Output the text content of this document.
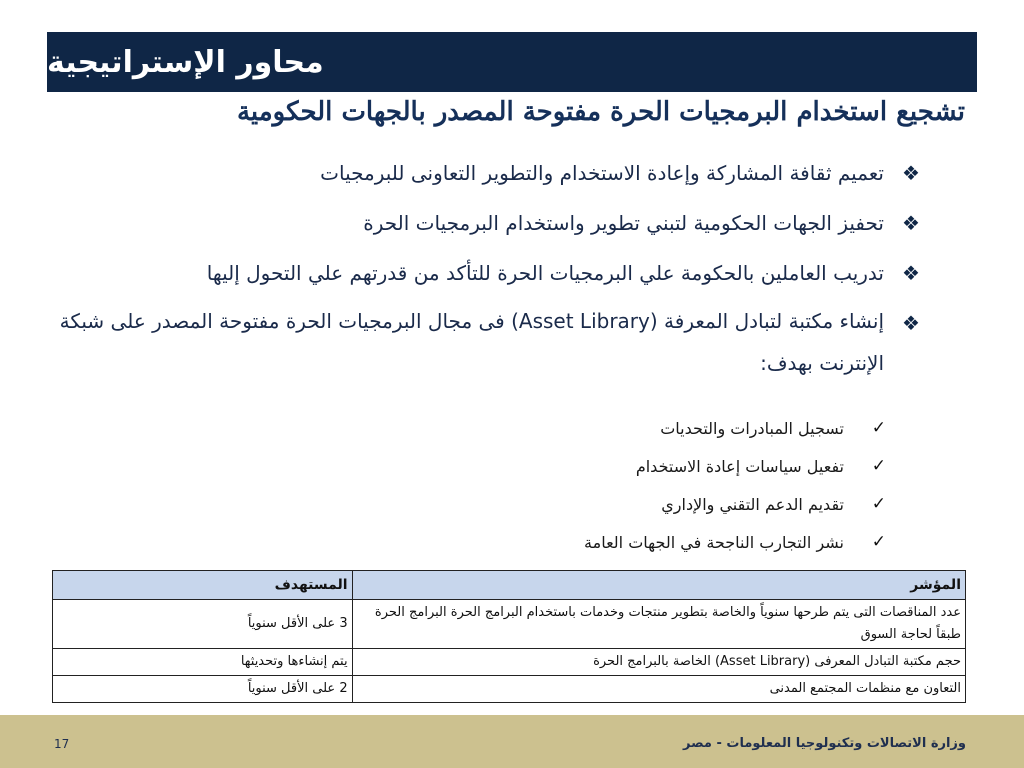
محاور الإستراتيجية
تشجيع استخدام البرمجيات الحرة مفتوحة المصدر بالجهات الحكومية
❖
تعميم ثقافة المشاركة وإعادة الاستخدام والتطوير التعاونى للبرمجيات
❖
تحفيز الجهات الحكومية لتبني تطوير واستخدام البرمجيات الحرة
❖
تدريب العاملين بالحكومة علي البرمجيات الحرة للتأكد من قدرتهم علي التحول إليها
❖
إنشاء مكتبة لتبادل المعرفة (Asset Library) فى مجال البرمجيات الحرة مفتوحة المصدر على شبكة الإنترنت بهدف:
✓
تسجيل المبادرات والتحديات
✓
تفعيل سياسات إعادة الاستخدام
✓
تقديم الدعم التقني والإداري
✓
نشر التجارب الناجحة في الجهات العامة
المؤشر	المستهدف
عدد المناقصات التى يتم طرحها سنوياً والخاصة بتطوير منتجات وخدمات باستخدام البرامج الحرة البرامج الحرة طبقاً لحاجة السوق	3 على الأقل سنوياً
حجم مكتبة التبادل المعرفى (Asset Library) الخاصة بالبرامج الحرة	يتم إنشاءها وتحديثها
التعاون مع منظمات المجتمع المدنى	2 على الأقل سنوياً
وزارة الاتصالات وتكنولوجيا المعلومات - مصر
17
